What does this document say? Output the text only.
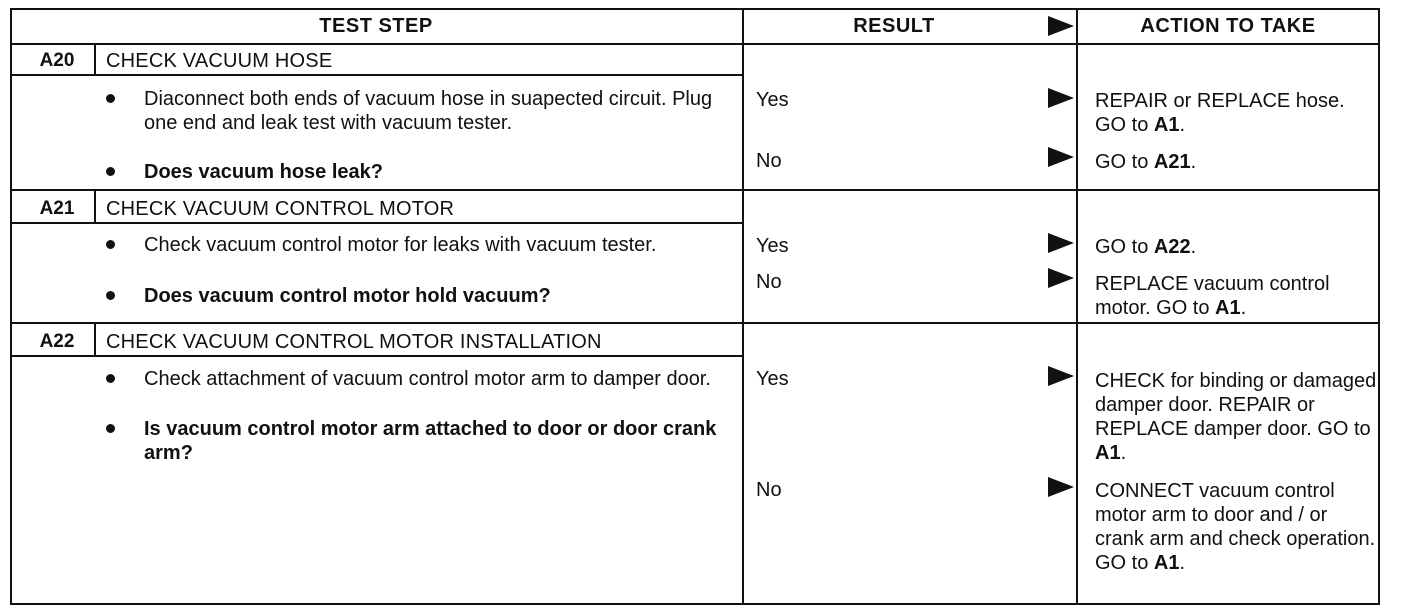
TEST STEP	RESULT	ACTION TO TAKE
A20	CHECK VACUUM HOSE
Diaconnect both ends of vacuum hose in suapected circuit. Plug one end and leak test with vacuum tester.
Does vacuum hose leak?
Yes	REPAIR or REPLACE hose. GO to A1.
No	GO to A21.
A21	CHECK VACUUM CONTROL MOTOR
Check vacuum control motor for leaks with vacuum tester.
Does vacuum control motor hold vacuum?
Yes	GO to A22.
No	REPLACE vacuum control motor. GO to A1.
A22	CHECK VACUUM CONTROL MOTOR INSTALLATION
Check attachment of vacuum control motor arm to damper door.
Is vacuum control motor arm attached to door or door crank arm?
Yes	CHECK for binding or damaged damper door. REPAIR or REPLACE damper door. GO to A1.
No	CONNECT vacuum control motor arm to door and / or crank arm and check operation. GO to A1.
